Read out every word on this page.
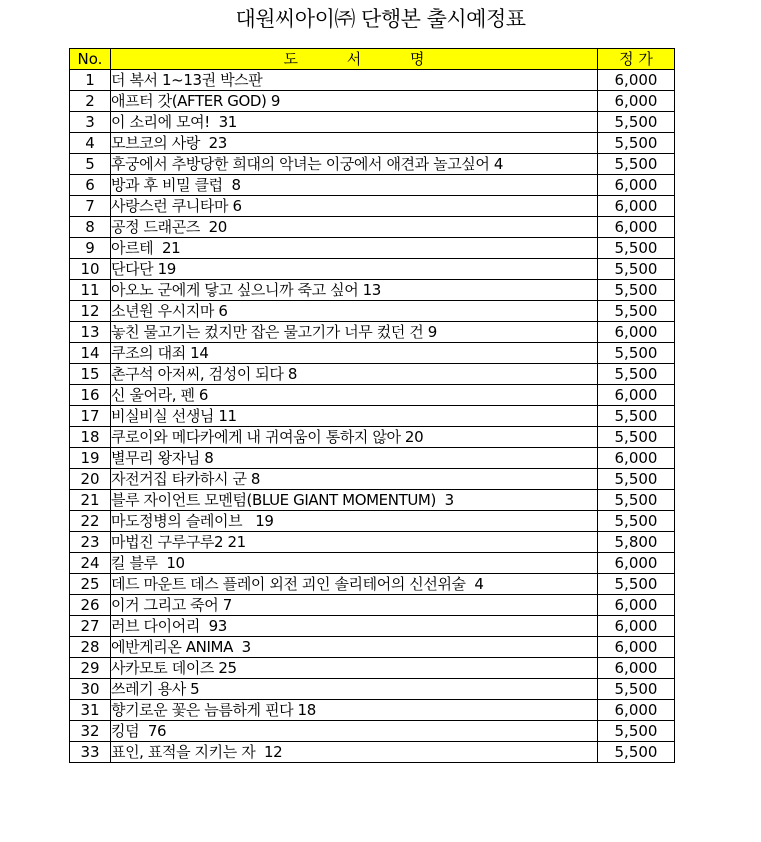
대원씨아이㈜ 단행본 출시예정표
No.	도 서 명	정 가
1	더 복서 1~13권 박스판	6,000
2	애프터 갓(AFTER GOD) 9	6,000
3	이 소리에 모여!  31	5,500
4	모브코의 사랑  23	5,500
5	후궁에서 추방당한 희대의 악녀는 이궁에서 애견과 놀고싶어 4	5,500
6	방과 후 비밀 클럽  8	6,000
7	사랑스런 쿠니타마 6	6,000
8	공정 드래곤즈  20	6,000
9	아르테  21	5,500
10	단다단 19	5,500
11	아오노 군에게 닿고 싶으니까 죽고 싶어 13	5,500
12	소년원 우시지마 6	5,500
13	놓친 물고기는 컸지만 잡은 물고기가 너무 컸던 건 9	6,000
14	쿠조의 대죄 14	5,500
15	촌구석 아저씨, 검성이 되다 8	5,500
16	신 울어라, 펜 6	6,000
17	비실비실 선생님 11	5,500
18	쿠로이와 메다카에게 내 귀여움이 통하지 않아 20	5,500
19	별무리 왕자님 8	6,000
20	자전거집 타카하시 군 8	5,500
21	블루 자이언트 모멘텀(BLUE GIANT MOMENTUM)  3	5,500
22	마도정병의 슬레이브   19	5,500
23	마법진 구루구루2 21	5,800
24	킬 블루  10	6,000
25	데드 마운트 데스 플레이 외전 괴인 솔리테어의 신선위술  4	5,500
26	이거 그리고 죽어 7	6,000
27	러브 다이어리  93	6,000
28	에반게리온 ANIMA  3	6,000
29	사카모토 데이즈 25	6,000
30	쓰레기 용사 5	5,500
31	향기로운 꽃은 늠름하게 핀다 18	6,000
32	킹덤  76	5,500
33	표인, 표적을 지키는 자  12	5,500
